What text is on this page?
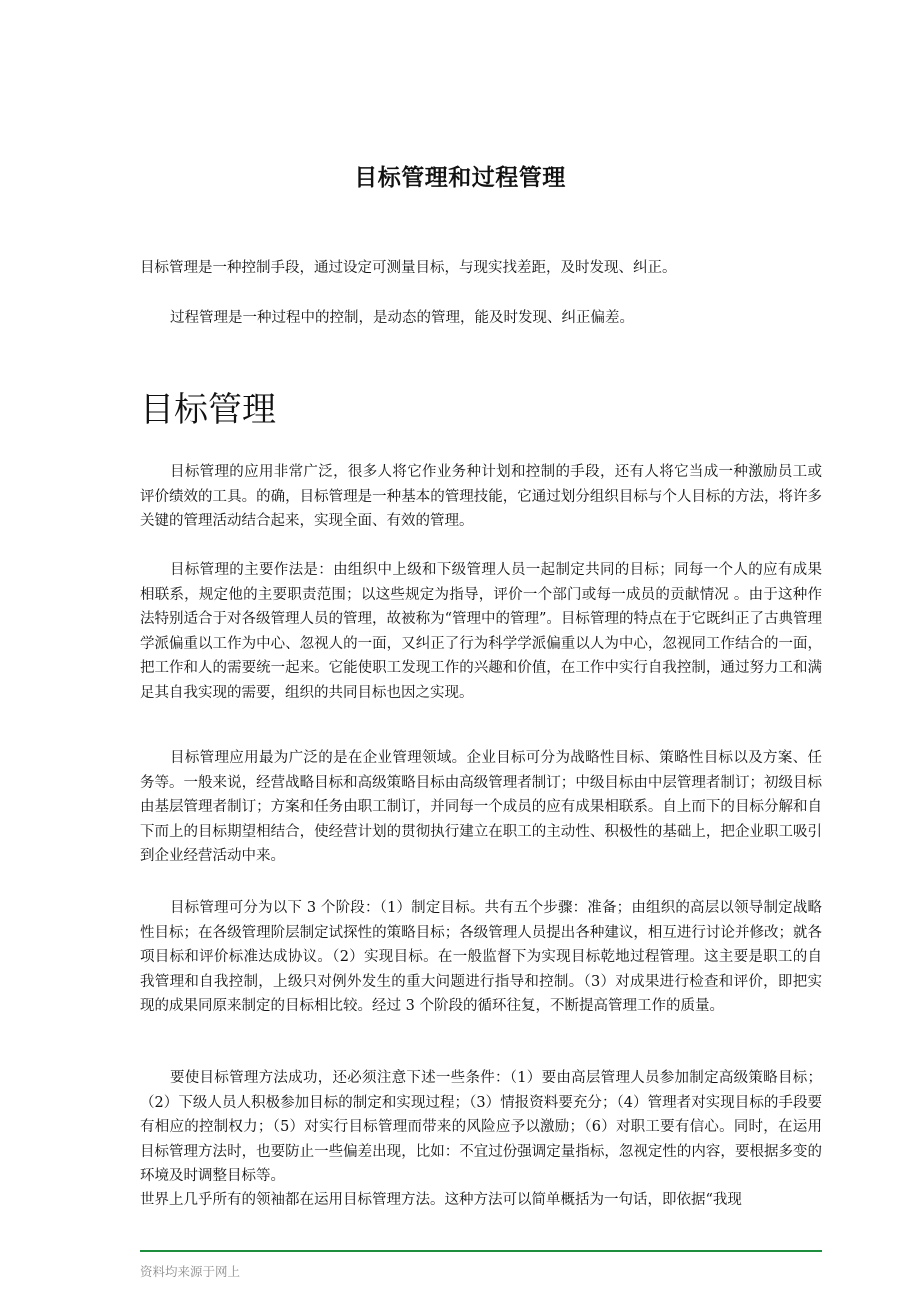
目标管理和过程管理

目标管理是一种控制手段，通过设定可测量目标，与现实找差距，及时发现、纠正。

过程管理是一种过程中的控制，是动态的管理，能及时发现、纠正偏差。

目标管理

目标管理的应用非常广泛，很多人将它作业务种计划和控制的手段，还有人将它当成一种激励员工或评价绩效的工具。的确，目标管理是一种基本的管理技能，它通过划分组织目标与个人目标的方法，将许多关键的管理活动结合起来，实现全面、有效的管理。

目标管理的主要作法是：由组织中上级和下级管理人员一起制定共同的目标；同每一个人的应有成果相联系，规定他的主要职责范围；以这些规定为指导，评价一个部门或每一成员的贡献情况 。由于这种作法特别适合于对各级管理人员的管理，故被称为“管理中的管理”。目标管理的特点在于它既纠正了古典管理学派偏重以工作为中心、忽视人的一面，又纠正了行为科学学派偏重以人为中心，忽视同工作结合的一面，把工作和人的需要统一起来。它能使职工发现工作的兴趣和价值，在工作中实行自我控制，通过努力工和满足其自我实现的需要，组织的共同目标也因之实现。

目标管理应用最为广泛的是在企业管理领域。企业目标可分为战略性目标、策略性目标以及方案、任务等。一般来说，经营战略目标和高级策略目标由高级管理者制订；中级目标由中层管理者制订；初级目标由基层管理者制订；方案和任务由职工制订，并同每一个成员的应有成果相联系。自上而下的目标分解和自下而上的目标期望相结合，使经营计划的贯彻执行建立在职工的主动性、积极性的基础上，把企业职工吸引到企业经营活动中来。

目标管理可分为以下 3 个阶段：（1）制定目标。共有五个步骤：准备；由组织的高层以领导制定战略性目标；在各级管理阶层制定试探性的策略目标；各级管理人员提出各种建议，相互进行讨论并修改；就各项目标和评价标准达成协议。（2）实现目标。在一般监督下为实现目标乾地过程管理。这主要是职工的自我管理和自我控制，上级只对例外发生的重大问题进行指导和控制。（3）对成果进行检查和评价，即把实现的成果同原来制定的目标相比较。经过 3 个阶段的循环往复，不断提高管理工作的质量。

要使目标管理方法成功，还必须注意下述一些条件：（1）要由高层管理人员参加制定高级策略目标；（2）下级人员人积极参加目标的制定和实现过程；（3）情报资料要充分；（4）管理者对实现目标的手段要有相应的控制权力；（5）对实行目标管理而带来的风险应予以激励；（6）对职工要有信心。同时，在运用目标管理方法时，也要防止一些偏差出现，比如：不宜过份强调定量指标，忽视定性的内容，要根据多变的环境及时调整目标等。

世界上几乎所有的领袖都在运用目标管理方法。这种方法可以简单概括为一句话，即依据“我现

资料均来源于网上
